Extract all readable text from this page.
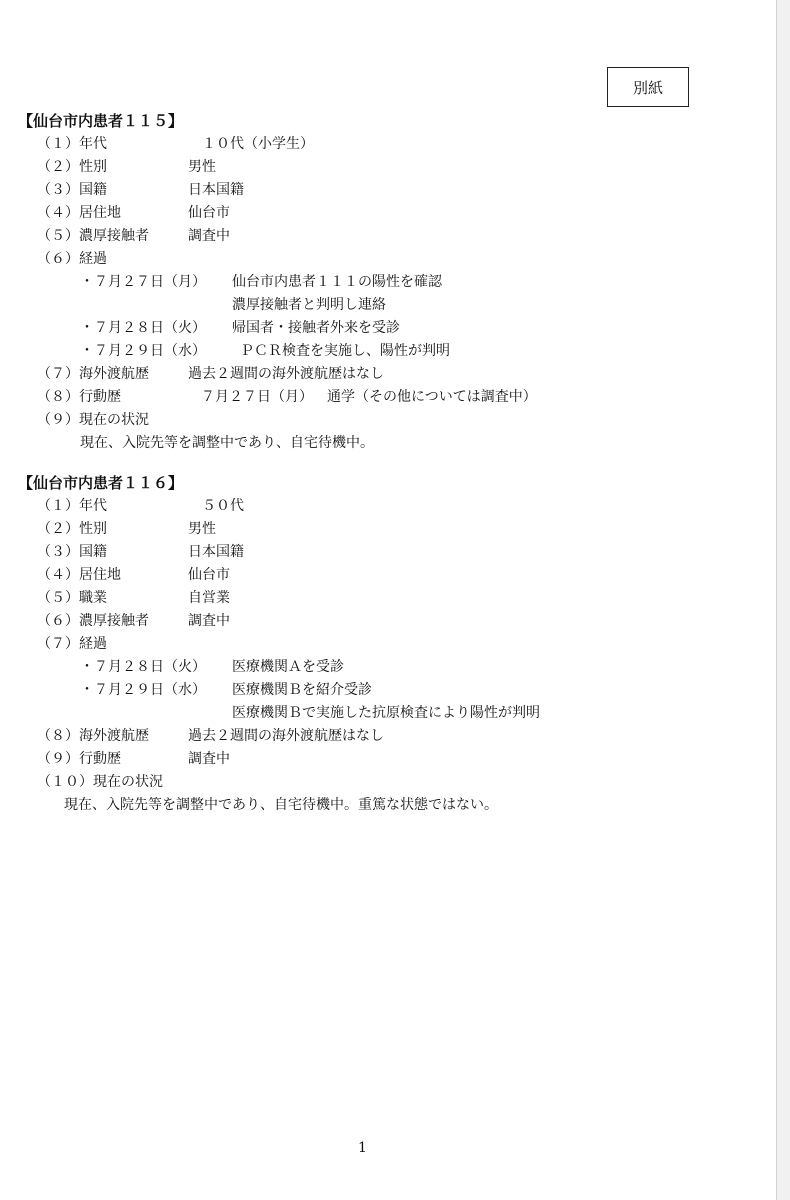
別紙
【仙台市内患者１１５】
（１）年代	１０代（小学生）
（２）性別	男性
（３）国籍	日本国籍
（４）居住地	仙台市
（５）濃厚接触者	調査中
（６）経過
・７月２７日（月） 仙台市内患者１１１の陽性を確認
濃厚接触者と判明し連絡
・７月２８日（火） 帰国者・接触者外来を受診
・７月２９日（水） ＰＣＲ検査を実施し、陽性が判明
（７）海外渡航歴	過去２週間の海外渡航歴はなし
（８）行動歴	７月２７日（月） 通学（その他については調査中）
（９）現在の状況
現在、入院先等を調整中であり、自宅待機中。
【仙台市内患者１１６】
（１）年代	５０代
（２）性別	男性
（３）国籍	日本国籍
（４）居住地	仙台市
（５）職業	自営業
（６）濃厚接触者	調査中
（７）経過
・７月２８日（火） 医療機関Ａを受診
・７月２９日（水） 医療機関Ｂを紹介受診
医療機関Ｂで実施した抗原検査により陽性が判明
（８）海外渡航歴	過去２週間の海外渡航歴はなし
（９）行動歴	調査中
（１０）現在の状況
現在、入院先等を調整中であり、自宅待機中。重篤な状態ではない。
1
